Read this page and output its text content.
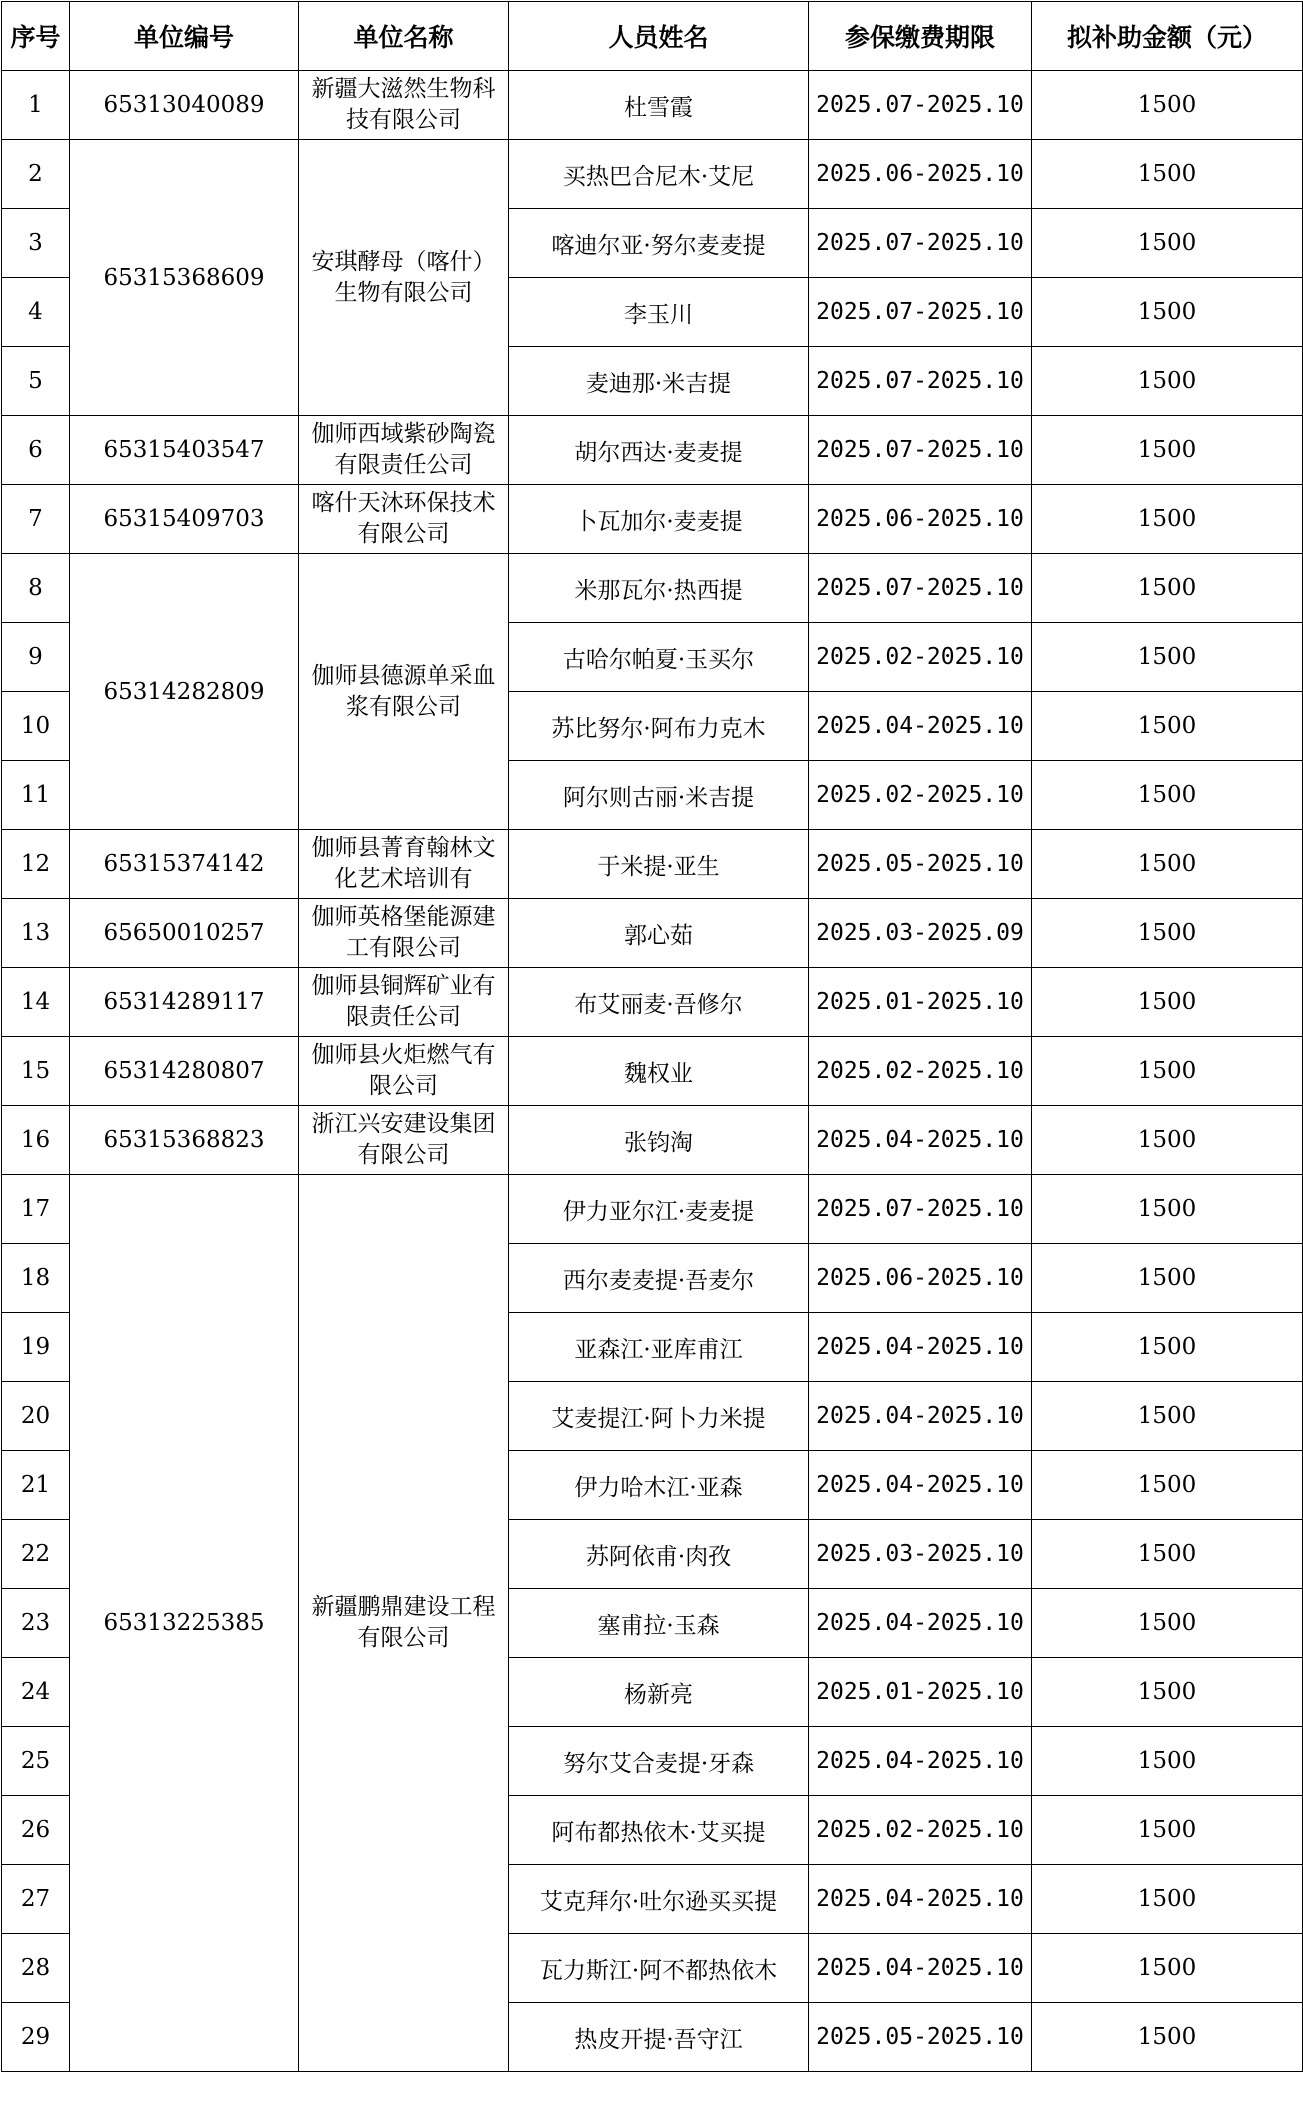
序号	单位编号	单位名称	人员姓名	参保缴费期限	拟补助金额（元）
1	65313040089	新疆大滋然生物科技有限公司	杜雪霞	2025.07-2025.10	1500
2	65315368609	安琪酵母（喀什）生物有限公司	买热巴合尼木·艾尼	2025.06-2025.10	1500
3			喀迪尔亚·努尔麦麦提	2025.07-2025.10	1500
4			李玉川	2025.07-2025.10	1500
5			麦迪那·米吉提	2025.07-2025.10	1500
6	65315403547	伽师西域紫砂陶瓷有限责任公司	胡尔西达·麦麦提	2025.07-2025.10	1500
7	65315409703	喀什天沐环保技术有限公司	卜瓦加尔·麦麦提	2025.06-2025.10	1500
8	65314282809	伽师县德源单采血浆有限公司	米那瓦尔·热西提	2025.07-2025.10	1500
9			古哈尔帕夏·玉买尔	2025.02-2025.10	1500
10			苏比努尔·阿布力克木	2025.04-2025.10	1500
11			阿尔则古丽·米吉提	2025.02-2025.10	1500
12	65315374142	伽师县菁育翰林文化艺术培训有	于米提·亚生	2025.05-2025.10	1500
13	65650010257	伽师英格堡能源建工有限公司	郭心茹	2025.03-2025.09	1500
14	65314289117	伽师县铜辉矿业有限责任公司	布艾丽麦·吾修尔	2025.01-2025.10	1500
15	65314280807	伽师县火炬燃气有限公司	魏权业	2025.02-2025.10	1500
16	65315368823	浙江兴安建设集团有限公司	张钧淘	2025.04-2025.10	1500
17	65313225385	新疆鹏鼎建设工程有限公司	伊力亚尔江·麦麦提	2025.07-2025.10	1500
18			西尔麦麦提·吾麦尔	2025.06-2025.10	1500
19			亚森江·亚库甫江	2025.04-2025.10	1500
20			艾麦提江·阿卜力米提	2025.04-2025.10	1500
21			伊力哈木江·亚森	2025.04-2025.10	1500
22			苏阿依甫·肉孜	2025.03-2025.10	1500
23			塞甫拉·玉森	2025.04-2025.10	1500
24			杨新亮	2025.01-2025.10	1500
25			努尔艾合麦提·牙森	2025.04-2025.10	1500
26			阿布都热依木·艾买提	2025.02-2025.10	1500
27			艾克拜尔·吐尔逊买买提	2025.04-2025.10	1500
28			瓦力斯江·阿不都热依木	2025.04-2025.10	1500
29			热皮开提·吾守江	2025.05-2025.10	1500
